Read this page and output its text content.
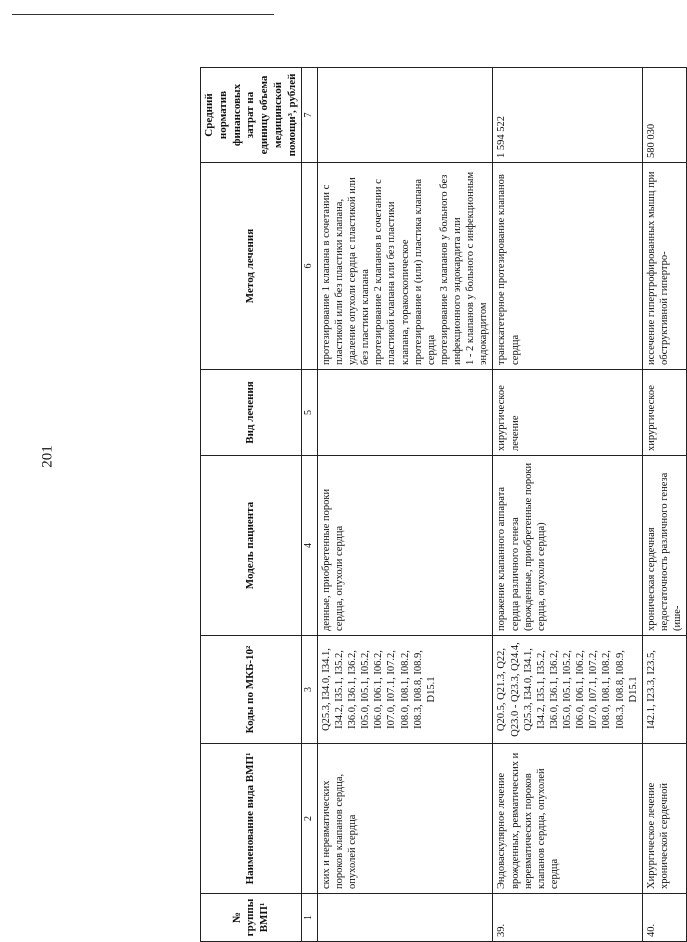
201
№ группы ВМП¹	Наименование вида ВМП¹	Коды по МКБ-10²	Модель пациента	Вид лечения	Метод лечения	Средний норматив финансовых затрат на единицу объема медицинской помощи³, рублей
1	2	3	4	5	6	7
	ских и неревматических пороков клапанов сердца, опухолей сердца	Q25.3, I34.0, I34.1, I34.2, I35.1, I35.2, I36.0, I36.1, I36.2, I05.0, I05.1, I05.2, I06.0, I06.1, I06.2, I07.0, I07.1, I07.2, I08.0, I08.1, I08.2, I08.3, I08.8, I08.9, D15.1	денные, приобретенные пороки сердца, опухоли сердца		протезирование 1 клапана в сочетании с пластикой или без пластики клапана, удаление опухоли сердца с пластикой или без пластики клапана протезирование 2 клапанов в сочетании с пластикой клапана или без пластики клапана, торакоскопическое протезирование и (или) пластика клапана сердца протезирование 3 клапанов у больного без инфекционного эндокардита или 1 - 2 клапанов у больного с инфекционным эндокардитом	

39.	Эндоваскулярное лечение врожденных, ревматических и неревматических пороков клапанов сердца, опухолей сердца	Q20.5, Q21.3, Q22, Q23.0 - Q23.3, Q24.4, Q25.3, I34.0, I34.1, I34.2, I35.1, I35.2, I36.0, I36.1, I36.2, I05.0, I05.1, I05.2, I06.0, I06.1, I06.2, I07.0, I07.1, I07.2, I08.0, I08.1, I08.2, I08.3, I08.8, I08.9, D15.1	поражение клапанного аппарата сердца различного генеза (врожденные, приобретенные пороки сердца, опухоли сердца)	хирургическое лечение	транскатетерное протезирование клапанов сердца	1 594 522
40.	Хирургическое лечение хронической сердечной	I42.1, I23.3, I23.5,	хроническая сердечная недостаточность различного генеза (ише-	хирургическое	иссечение гипертрофированных мышц при обструктивной гипертро-	580 030
